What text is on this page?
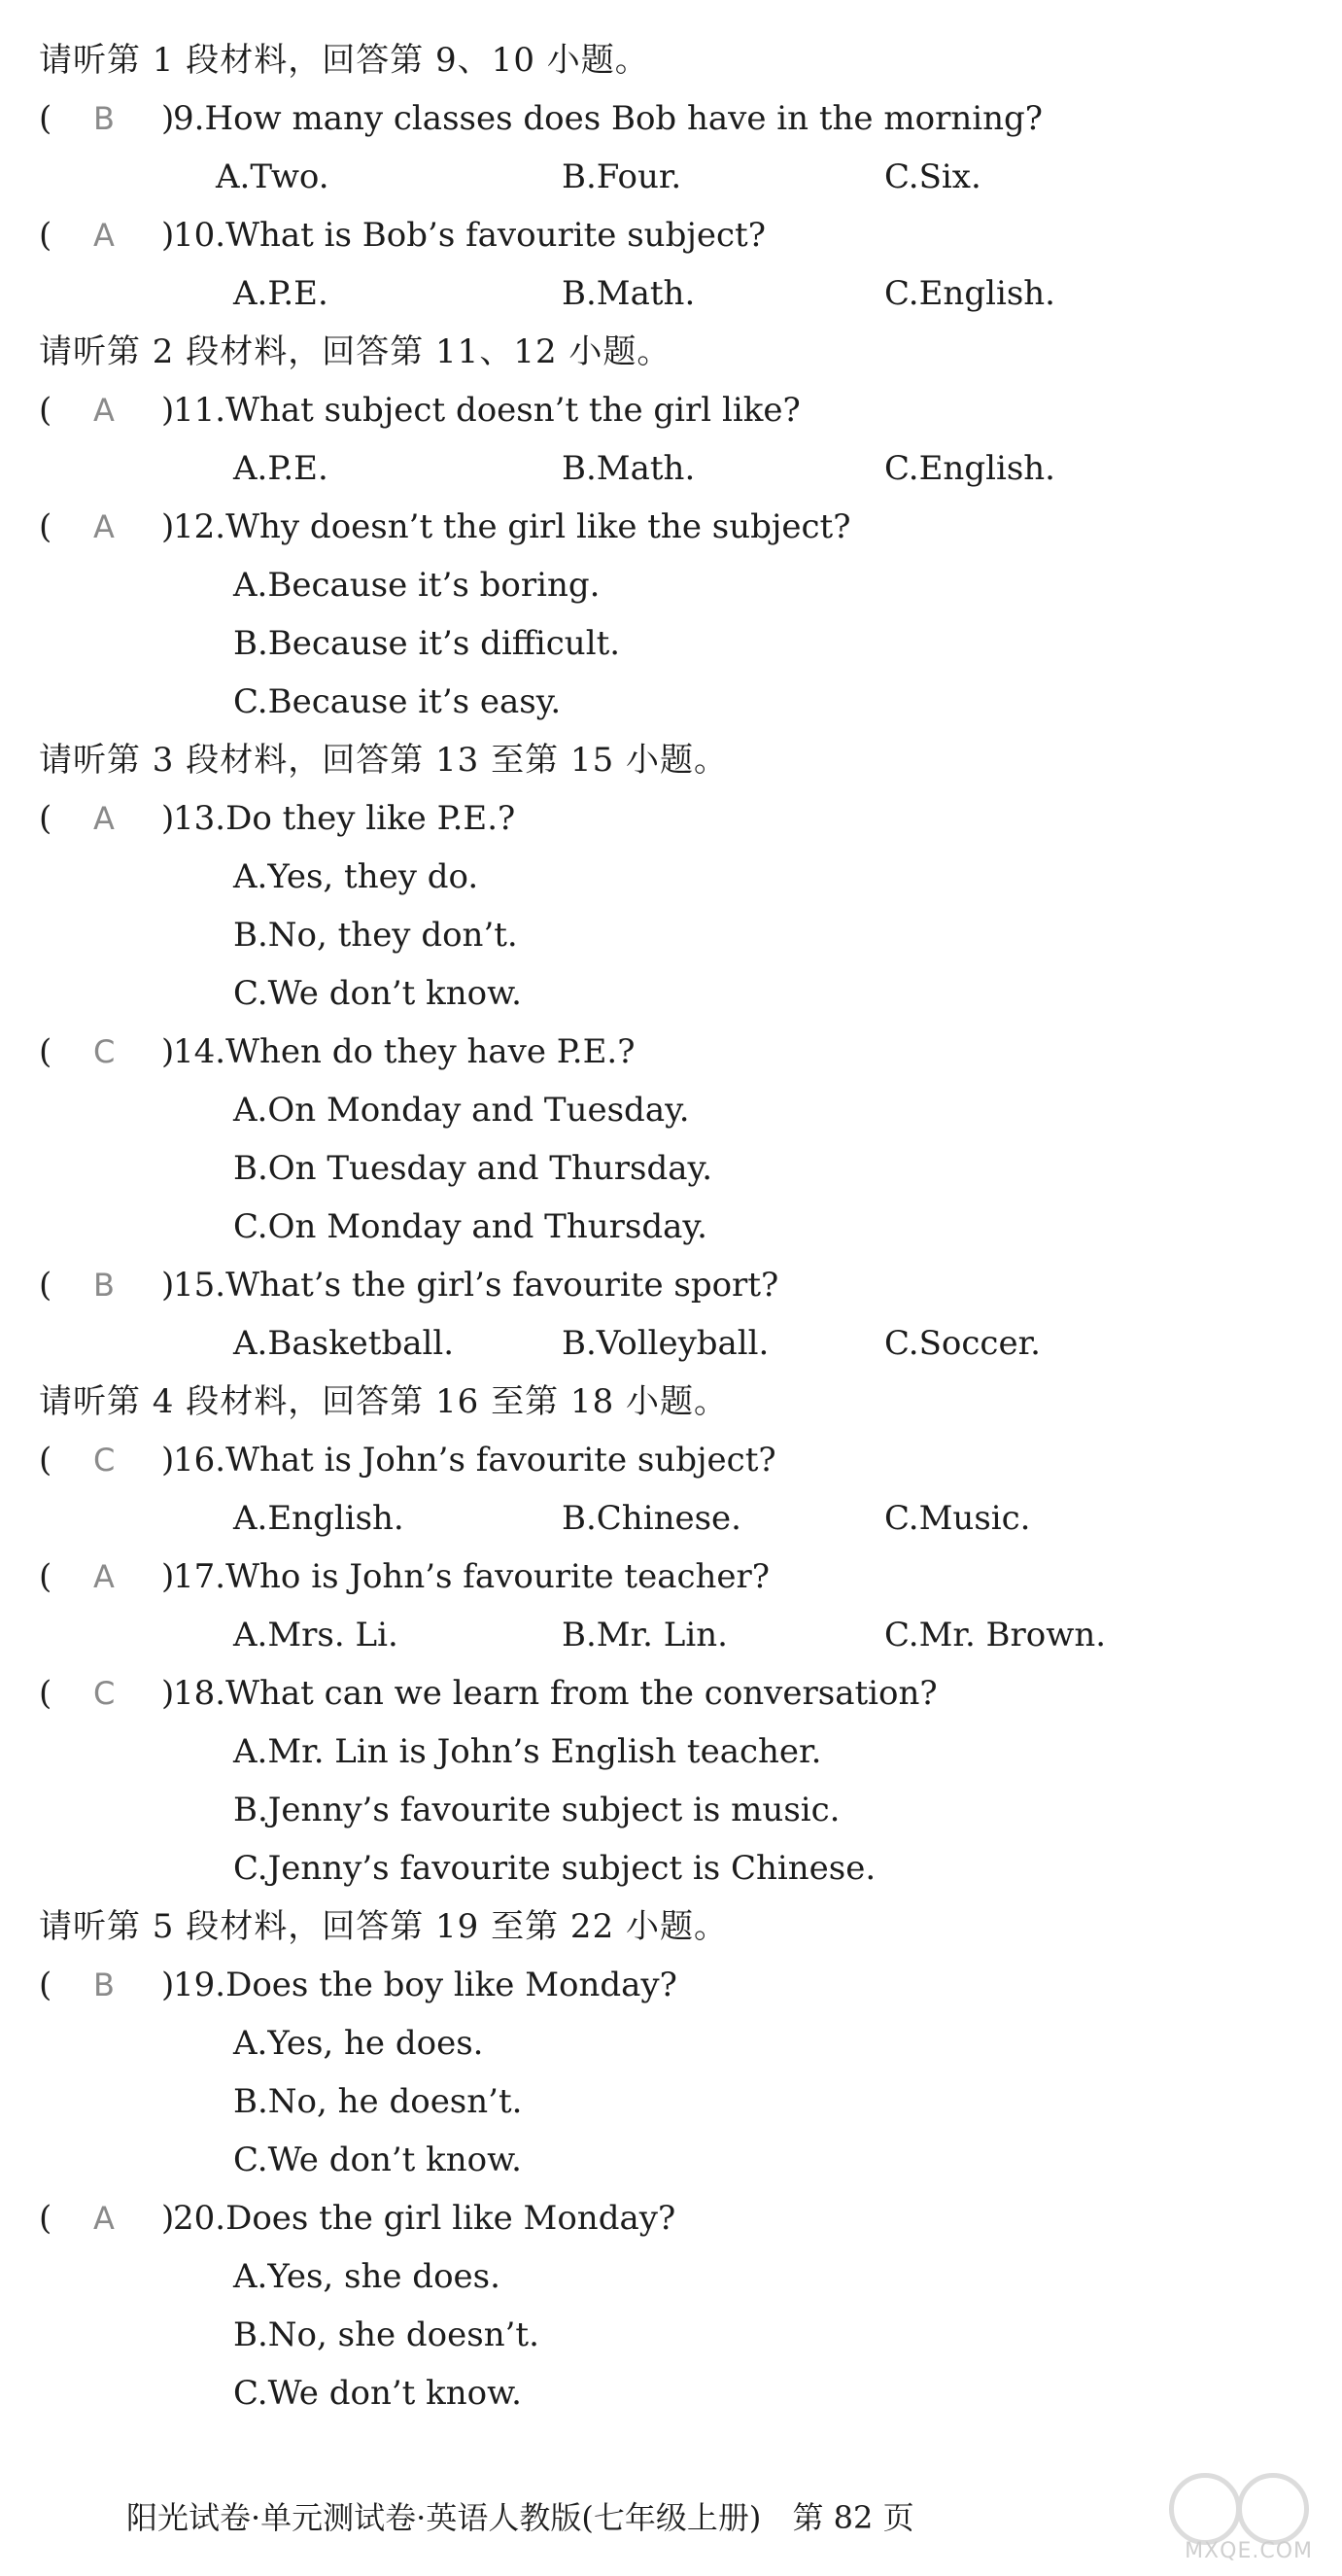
请听第 1 段材料，回答第 9、10 小题。
( B )
9.How many classes does Bob have in the morning?
A.Two.	B.Four.	C.Six.
( A )
10.What is Bob’s favourite subject?
A.P.E.	B.Math.	C.English.
请听第 2 段材料，回答第 11、12 小题。
( A )
11.What subject doesn’t the girl like?
A.P.E.	B.Math.	C.English.
( A )
12.Why doesn’t the girl like the subject?
A.Because it’s boring.
B.Because it’s difficult.
C.Because it’s easy.
请听第 3 段材料，回答第 13 至第 15 小题。
( A )
13.Do they like P.E.?
A.Yes, they do.
B.No, they don’t.
C.We don’t know.
( C )
14.When do they have P.E.?
A.On Monday and Tuesday.
B.On Tuesday and Thursday.
C.On Monday and Thursday.
( B )
15.What’s the girl’s favourite sport?
A.Basketball.	B.Volleyball.	C.Soccer.
请听第 4 段材料，回答第 16 至第 18 小题。
( C )
16.What is John’s favourite subject?
A.English.	B.Chinese.	C.Music.
( A )
17.Who is John’s favourite teacher?
A.Mrs. Li.	B.Mr. Lin.	C.Mr. Brown.
( C )
18.What can we learn from the conversation?
A.Mr. Lin is John’s English teacher.
B.Jenny’s favourite subject is music.
C.Jenny’s favourite subject is Chinese.
请听第 5 段材料，回答第 19 至第 22 小题。
( B )
19.Does the boy like Monday?
A.Yes, he does.
B.No, he doesn’t.
C.We don’t know.
( A )
20.Does the girl like Monday?
A.Yes, she does.
B.No, she doesn’t.
C.We don’t know.
阳光试卷·单元测试卷·英语人教版(七年级上册) 第 82 页
MXQE.COM
